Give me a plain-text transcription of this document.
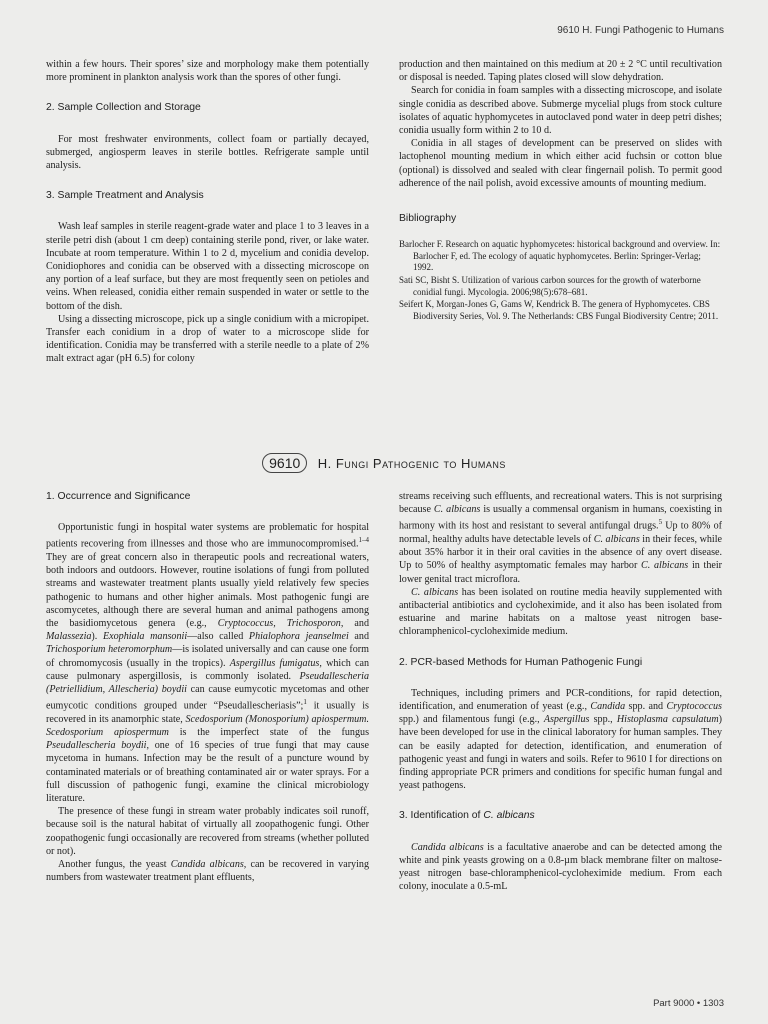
9610 H. Fungi Pathogenic to Humans

within a few hours. Their spores’ size and morphology make them potentially more prominent in plankton analysis work than the spores of other fungi.

2. Sample Collection and Storage

For most freshwater environments, collect foam or partially decayed, submerged, angiosperm leaves in sterile bottles. Refrigerate sample until analysis.

3. Sample Treatment and Analysis

Wash leaf samples in sterile reagent-grade water and place 1 to 3 leaves in a sterile petri dish (about 1 cm deep) containing sterile pond, river, or lake water. Incubate at room temperature. Within 1 to 2 d, mycelium and conidia develop. Conidiophores and conidia can be observed with a dissecting microscope on any portion of a leaf surface, but they are most frequently seen on petioles and veins. When released, conidia either remain suspended in water or settle to the bottom of the dish.

Using a dissecting microscope, pick up a single conidium with a micropipet. Transfer each conidium in a drop of water to a microscope slide for identification. Conidia may be transferred with a sterile needle to a plate of 2% malt extract agar (pH 6.5) for colony

production and then maintained on this medium at 20 ± 2 °C until recultivation or disposal is needed. Taping plates closed will slow dehydration.

Search for conidia in foam samples with a dissecting microscope, and isolate single conidia as described above. Submerge mycelial plugs from stock culture isolates of aquatic hyphomycetes in autoclaved pond water in deep petri dishes; conidia usually form within 2 to 10 d.

Conidia in all stages of development can be preserved on slides with lactophenol mounting medium in which either acid fuchsin or cotton blue (optional) is dissolved and sealed with clear fingernail polish. To permit good adherence of the nail polish, avoid excessive amounts of mounting medium.

Bibliography

Barlocher F. Research on aquatic hyphomycetes: historical background and overview. In: Barlocher F, ed. The ecology of aquatic hyphomycetes. Berlin: Springer-Verlag; 1992.

Sati SC, Bisht S. Utilization of various carbon sources for the growth of waterborne conidial fungi. Mycologia. 2006;98(5):678–681.

Seifert K, Morgan-Jones G, Gams W, Kendrick B. The genera of Hyphomycetes. CBS Biodiversity Series, Vol. 9. The Netherlands: CBS Fungal Biodiversity Centre; 2011.

9610 H. Fungi Pathogenic to Humans
1. Occurrence and Significance

Opportunistic fungi in hospital water systems are problematic for hospital patients recovering from illnesses and those who are immunocompromised.$^{1-4}$ They are of great concern also in therapeutic pools and recreational waters, both indoors and outdoors. However, routine isolations of fungi from polluted streams and wastewater treatment plants usually yield relatively few species pathogenic to humans and other higher animals. Most pathogenic fungi are ascomycetes, although there are several human and animal pathogens among the basidiomycetous genera (e.g., Cryptococcus, Trichosporon, and Malassezia). Exophiala mansonii—also called Phialophora jeanselmei and Trichosporium heteromorphum—is isolated universally and can cause one form of chromomycosis (usually in the tropics). Aspergillus fumigatus, which can cause pulmonary aspergillosis, is commonly isolated. Pseudallescheria (Petriellidium, Allescheria) boydii can cause eumycotic mycetomas and other eumycotic conditions grouped under “Pseudallescheriasis”;$^1$ it usually is recovered in its anamorphic state, Scedosporium (Monosporium) apiospermum. Scedosporium apiospermum is the imperfect state of the fungus Pseudallescheria boydii, one of 16 species of true fungi that may cause mycetoma in humans. Infection may be the result of a puncture wound by contaminated materials or of breathing contaminated air or water sprays. For a full discussion of pathogenic fungi, examine the clinical microbiology literature.

The presence of these fungi in stream water probably indicates soil runoff, because soil is the natural habitat of virtually all zoopathogenic fungi. Other zoopathogenic fungi occasionally are recovered from streams (whether polluted or not).

Another fungus, the yeast Candida albicans, can be recovered in varying numbers from wastewater treatment plant effluents,

streams receiving such effluents, and recreational waters. This is not surprising because C. albicans is usually a commensal organism in humans, coexisting in harmony with its host and resistant to several antifungal drugs.$^5$ Up to 80% of normal, healthy adults have detectable levels of C. albicans in their feces, while about 35% harbor it in their oral cavities in the absence of any overt disease. Up to 50% of healthy asymptomatic females may harbor C. albicans in their lower genital tract microflora.

C. albicans has been isolated on routine media heavily supplemented with antibacterial antibiotics and cycloheximide, and it also has been isolated from estuarine and marine habitats on a maltose yeast nitrogen base-chloramphenicol-cycloheximide medium.

2. PCR-based Methods for Human Pathogenic Fungi

Techniques, including primers and PCR-conditions, for rapid detection, identification, and enumeration of yeast (e.g., Candida spp. and Cryptococcus spp.) and filamentous fungi (e.g., Aspergillus spp., Histoplasma capsulatum) have been developed for use in the clinical laboratory for human samples. They can be easily adapted for detection, identification, and enumeration of pathogenic yeast and fungi in waters and soils. Refer to 9610 I for directions on finding appropriate PCR primers and conditions for specific human fungal and yeast pathogens.

3. Identification of C. albicans

Candida albicans is a facultative anaerobe and can be detected among the white and pink yeasts growing on a 0.8-µm black membrane filter on maltose-yeast nitrogen base-chloramphenicol-cycloheximide medium. From each colony, inoculate a 0.5-mL

Part 9000 • 1303
